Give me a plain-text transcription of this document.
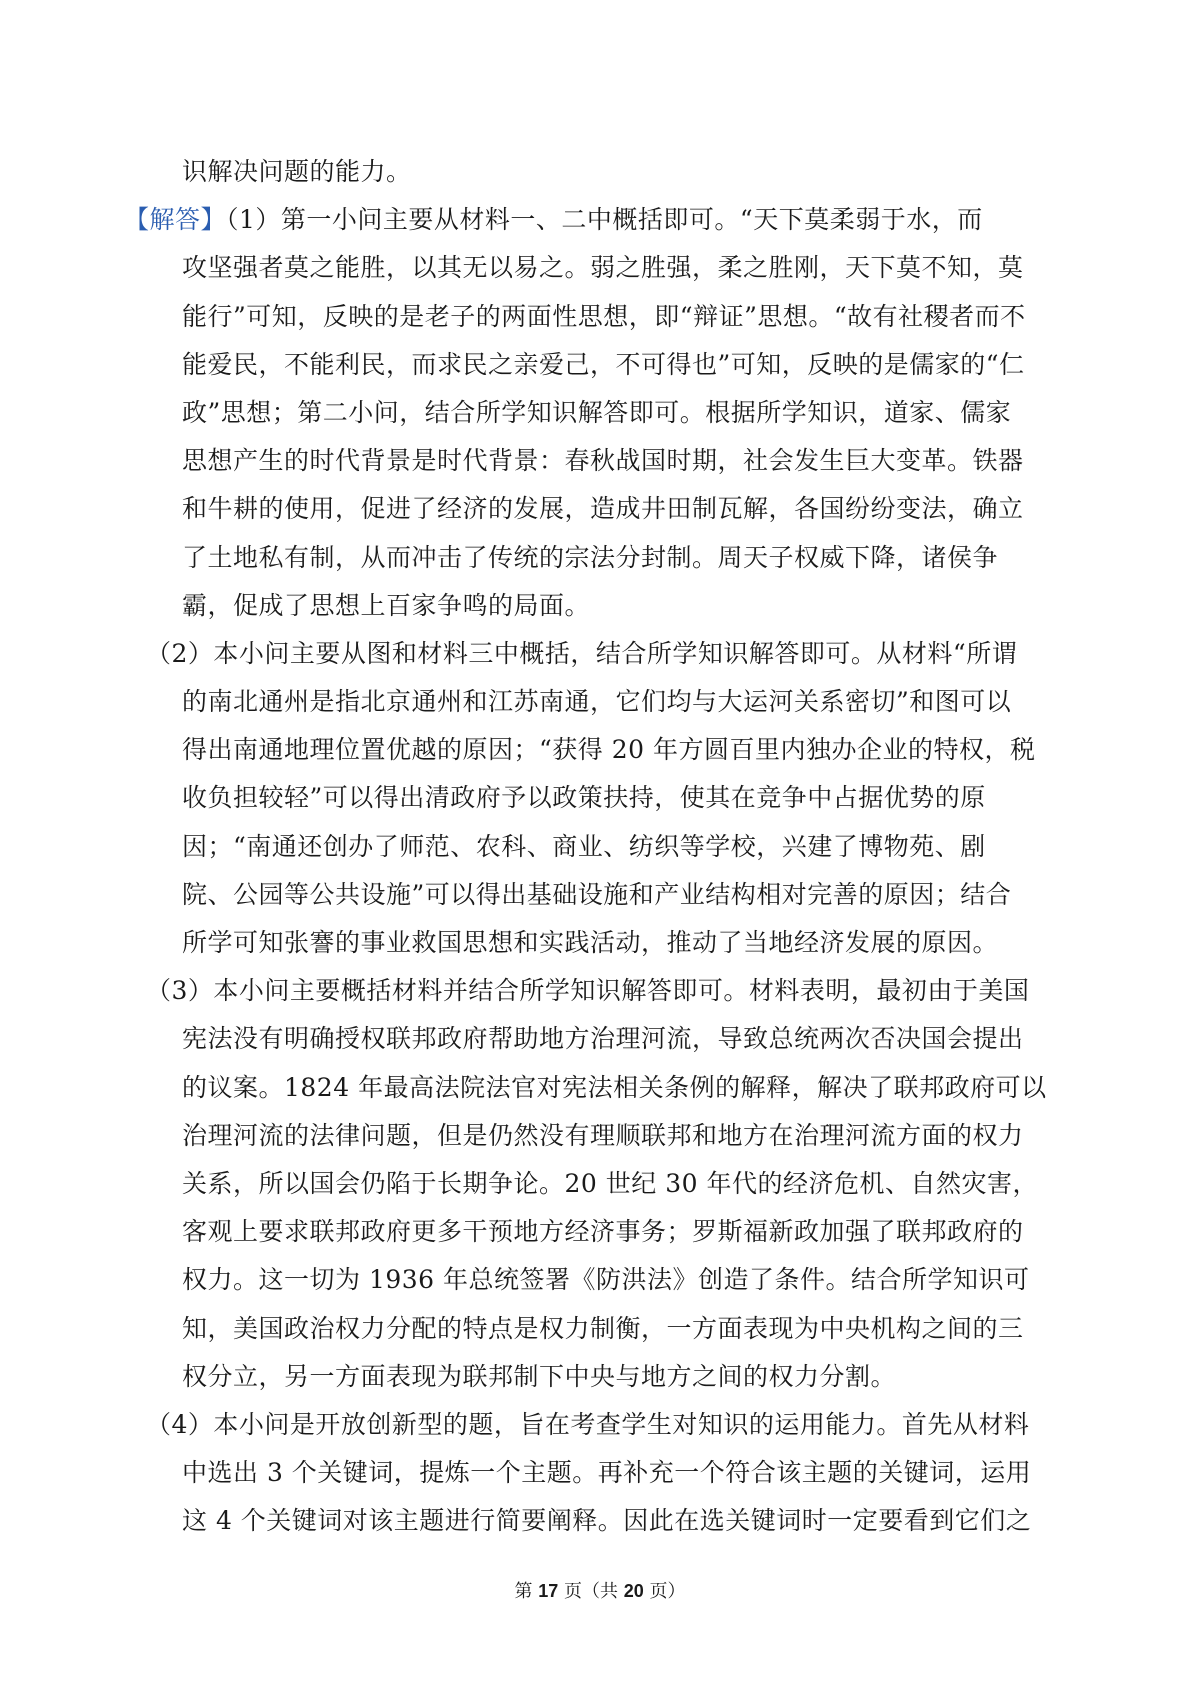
识解决问题的能力。
【解答】（1）第一小问主要从材料一、二中概括即可。“天下莫柔弱于水，而
攻坚强者莫之能胜，以其无以易之。弱之胜强，柔之胜刚，天下莫不知，莫
能行”可知，反映的是老子的两面性思想，即“辩证”思想。“故有社稷者而不
能爱民，不能利民，而求民之亲爱己，不可得也”可知，反映的是儒家的“仁
政”思想；第二小问，结合所学知识解答即可。根据所学知识，道家、儒家
思想产生的时代背景是时代背景：春秋战国时期，社会发生巨大变革。铁器
和牛耕的使用，促进了经济的发展，造成井田制瓦解，各国纷纷变法，确立
了土地私有制，从而冲击了传统的宗法分封制。周天子权威下降，诸侯争
霸，促成了思想上百家争鸣的局面。
（2）本小问主要从图和材料三中概括，结合所学知识解答即可。从材料“所谓
的南北通州是指北京通州和江苏南通，它们均与大运河关系密切”和图可以
得出南通地理位置优越的原因；“获得 20 年方圆百里内独办企业的特权，税
收负担较轻”可以得出清政府予以政策扶持，使其在竞争中占据优势的原
因；“南通还创办了师范、农科、商业、纺织等学校，兴建了博物苑、剧
院、公园等公共设施”可以得出基础设施和产业结构相对完善的原因；结合
所学可知张謇的事业救国思想和实践活动，推动了当地经济发展的原因。
（3）本小问主要概括材料并结合所学知识解答即可。材料表明，最初由于美国
宪法没有明确授权联邦政府帮助地方治理河流，导致总统两次否决国会提出
的议案。1824 年最高法院法官对宪法相关条例的解释，解决了联邦政府可以
治理河流的法律问题，但是仍然没有理顺联邦和地方在治理河流方面的权力
关系，所以国会仍陷于长期争论。20 世纪 30 年代的经济危机、自然灾害，
客观上要求联邦政府更多干预地方经济事务；罗斯福新政加强了联邦政府的
权力。这一切为 1936 年总统签署《防洪法》创造了条件。结合所学知识可
知，美国政治权力分配的特点是权力制衡，一方面表现为中央机构之间的三
权分立，另一方面表现为联邦制下中央与地方之间的权力分割。
（4）本小问是开放创新型的题，旨在考查学生对知识的运用能力。首先从材料
中选出 3 个关键词，提炼一个主题。再补充一个符合该主题的关键词，运用
这 4 个关键词对该主题进行简要阐释。因此在选关键词时一定要看到它们之
第 17 页（共 20 页）
